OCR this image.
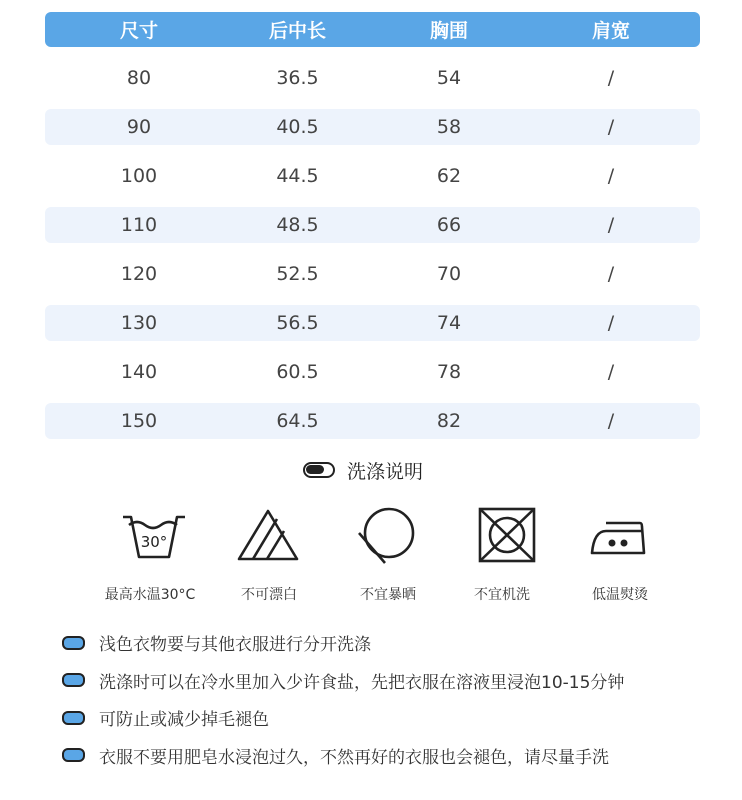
尺寸	后中长	胸围	肩宽
80	36.5	54	/
90	40.5	58	/
100	44.5	62	/
110	48.5	66	/
120	52.5	70	/
130	56.5	74	/
140	60.5	78	/
150	64.5	82	/
洗涤说明
30°
最高水温30°C	不可漂白	不宜暴晒	不宜机洗	低温熨烫
浅色衣物要与其他衣服进行分开洗涤
洗涤时可以在冷水里加入少许食盐，先把衣服在溶液里浸泡10-15分钟
可防止或减少掉毛褪色
衣服不要用肥皂水浸泡过久，不然再好的衣服也会褪色，请尽量手洗
